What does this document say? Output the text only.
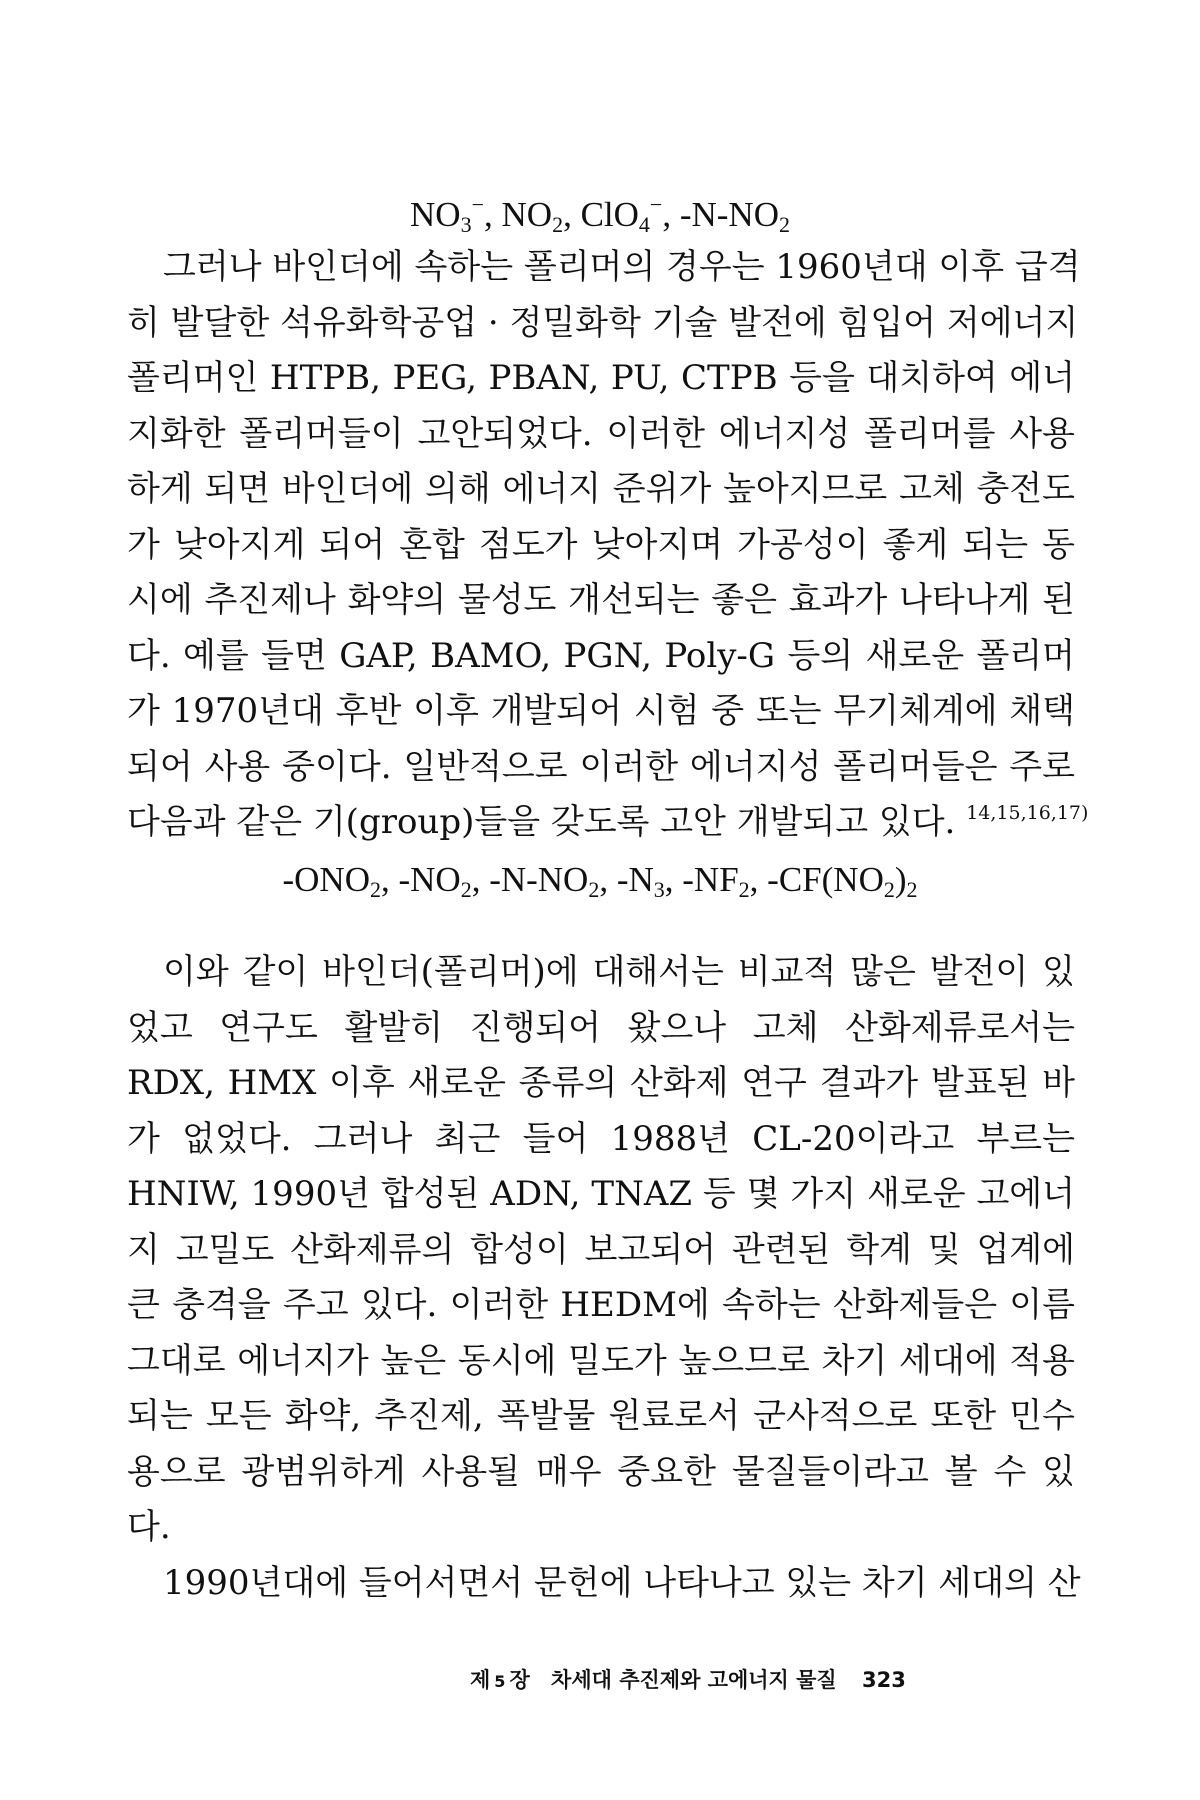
$NO_3^-$, $NO_2$, ClO$_4$−, $-N-NO_2$
그러나 바인더에 속하는 폴리머의 경우는 1960년대 이후 급격
히 발달한 석유화학공업 · 정밀화학 기술 발전에 힘입어 저에너지
폴리머인 HTPB, PEG, PBAN, PU, CTPB 등을 대치하여 에너
지화한 폴리머들이 고안되었다. 이러한 에너지성 폴리머를 사용
하게 되면 바인더에 의해 에너지 준위가 높아지므로 고체 충전도
가 낮아지게 되어 혼합 점도가 낮아지며 가공성이 좋게 되는 동
시에 추진제나 화약의 물성도 개선되는 좋은 효과가 나타나게 된
다. 예를 들면 GAP, BAMO, PGN, Poly-G 등의 새로운 폴리머
가 1970년대 후반 이후 개발되어 시험 중 또는 무기체계에 채택
되어 사용 중이다. 일반적으로 이러한 에너지성 폴리머들은 주로
다음과 같은 기(group)들을 갖도록 고안 개발되고 있다. $^{14,15,16,17)}$
$-ONO_2$, $-NO_2$, $-N-NO_2$, $-N_3$, $-NF_2$, $-CF(NO_2)_2$
이와 같이 바인더(폴리머)에 대해서는 비교적 많은 발전이 있
었고 연구도 활발히 진행되어 왔으나 고체 산화제류로서는
RDX, HMX 이후 새로운 종류의 산화제 연구 결과가 발표된 바
가 없었다. 그러나 최근 들어 1988년 CL-20이라고 부르는
HNIW, 1990년 합성된 ADN, TNAZ 등 몇 가지 새로운 고에너
지 고밀도 산화제류의 합성이 보고되어 관련된 학계 및 업계에
큰 충격을 주고 있다. 이러한 HEDM에 속하는 산화제들은 이름
그대로 에너지가 높은 동시에 밀도가 높으므로 차기 세대에 적용
되는 모든 화약, 추진제, 폭발물 원료로서 군사적으로 또한 민수
용으로 광범위하게 사용될 매우 중요한 물질들이라고 볼 수 있
다.
1990년대에 들어서면서 문헌에 나타나고 있는 차기 세대의 산
제 5 장 차세대 추진제와 고에너지 물질 323
